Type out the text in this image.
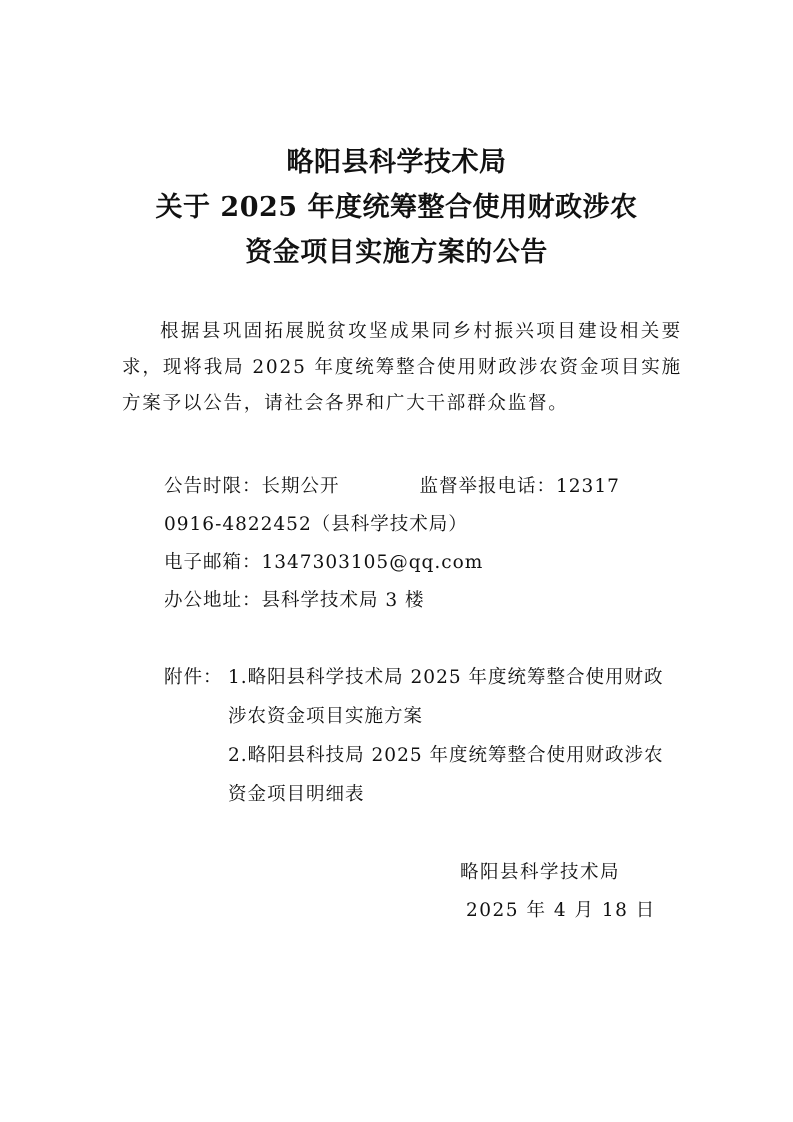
略阳县科学技术局
关于 2025 年度统筹整合使用财政涉农
资金项目实施方案的公告

根据县巩固拓展脱贫攻坚成果同乡村振兴项目建设相关要求，现将我局 2025 年度统筹整合使用财政涉农资金项目实施方案予以公告，请社会各界和广大干部群众监督。

公告时限：长期公开	监督举报电话：12317
0916-4822452（县科学技术局）
电子邮箱：1347303105@qq.com
办公地址：县科学技术局 3 楼
附件： 1.略阳县科学技术局 2025 年度统筹整合使用财政涉农资金项目实施方案

2.略阳县科技局 2025 年度统筹整合使用财政涉农资金项目明细表

略阳县科学技术局
2025 年 4 月 18 日
